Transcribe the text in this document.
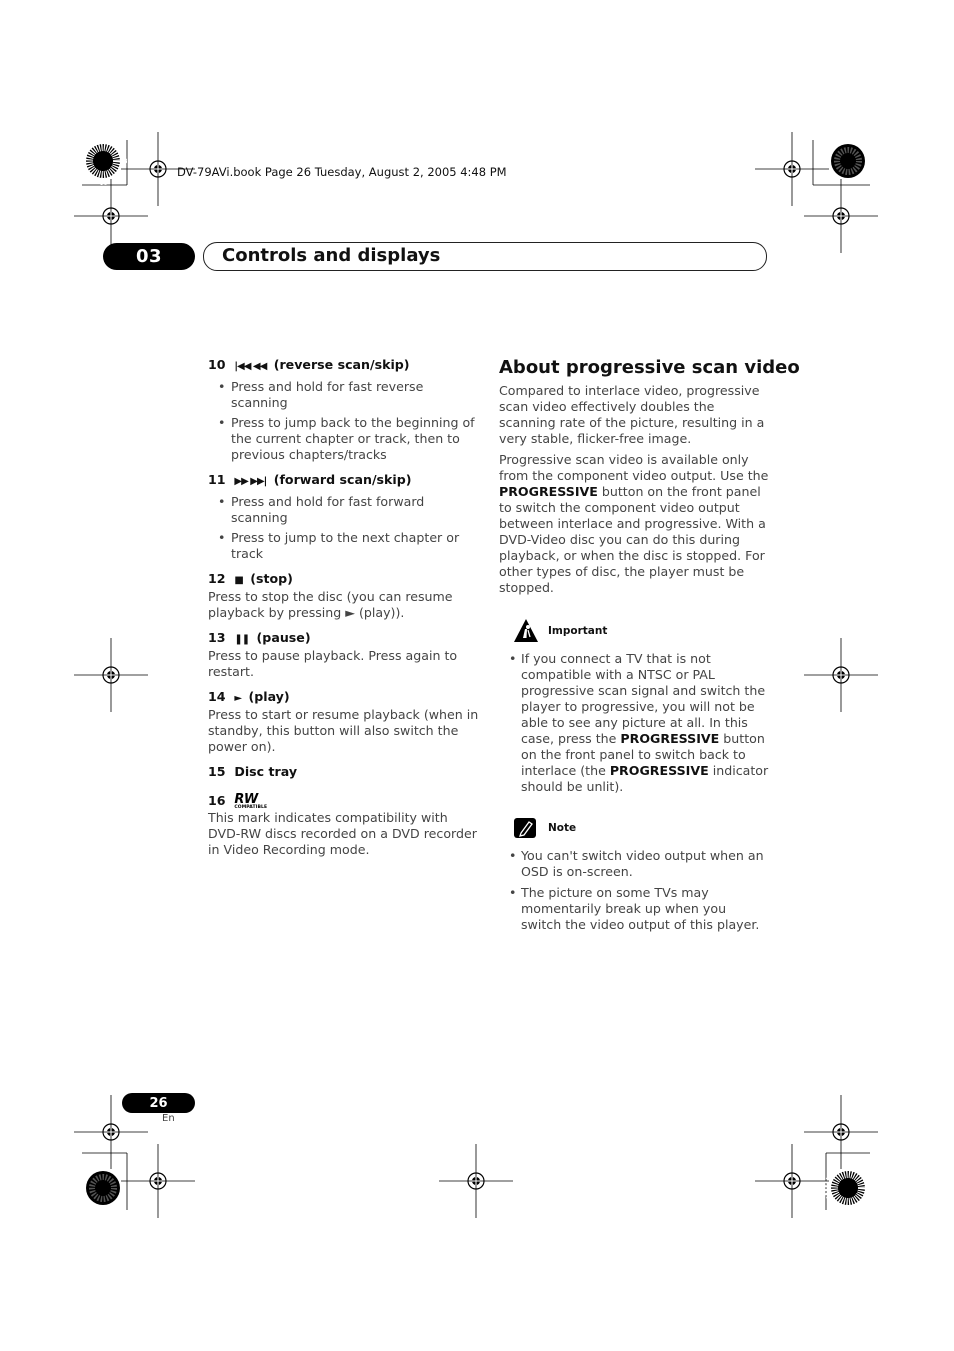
DV-79AVi.book Page 26 Tuesday, August 2, 2005 4:48 PM
03	Controls and displays
10 |◀◀ ◀◀ (reverse scan/skip)
• Press and hold for fast reverse scanning
• Press to jump back to the beginning of the current chapter or track, then to previous chapters/tracks
11 ▶▶ ▶▶| (forward scan/skip)
• Press and hold for fast forward scanning
• Press to jump to the next chapter or track
12 ■ (stop)

Press to stop the disc (you can resume playback by pressing ► (play)).

13 ❚❚ (pause)

Press to pause playback. Press again to restart.

14 ► (play)

Press to start or resume playback (when in standby, this button will also switch the power on).

15 Disc tray
16 RW
COMPATIBLE

This mark indicates compatibility with DVD-RW discs recorded on a DVD recorder in Video Recording mode.

About progressive scan video

Compared to interlace video, progressive scan video effectively doubles the scanning rate of the picture, resulting in a very stable, flicker-free image.

Progressive scan video is available only from the component video output. Use the PROGRESSIVE button on the front panel to switch the component video output between interlace and progressive. With a DVD-Video disc you can do this during playback, or when the disc is stopped. For other types of disc, the player must be stopped.

Important
• If you connect a TV that is not compatible with a NTSC or PAL progressive scan signal and switch the player to progressive, you will not be able to see any picture at all. In this case, press the PROGRESSIVE button on the front panel to switch back to interlace (the PROGRESSIVE indicator should be unlit).
Note
• You can't switch video output when an OSD is on-screen.
• The picture on some TVs may momentarily break up when you switch the video output of this player.
26
En
